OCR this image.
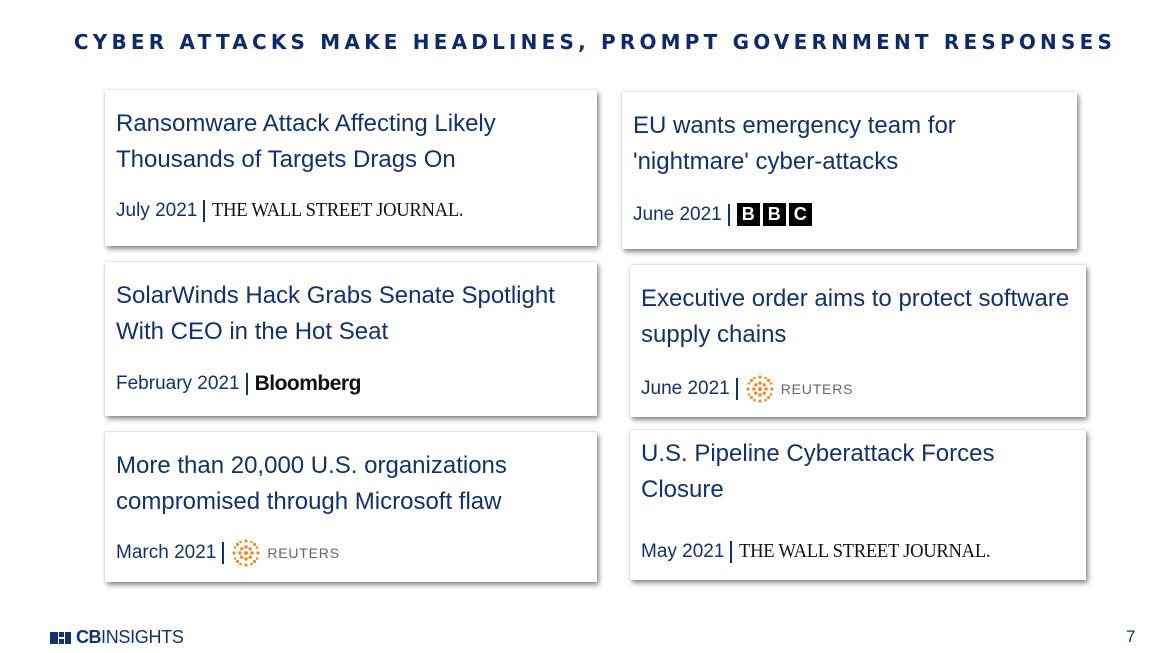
CYBER ATTACKS MAKE HEADLINES, PROMPT GOVERNMENT RESPONSES
Ransomware Attack Affecting Likely
Thousands of Targets Drags On
July 2021 THE WALL STREET JOURNAL.
EU wants emergency team for
'nightmare' cyber-attacks
June 2021 B B C
SolarWinds Hack Grabs Senate Spotlight
With CEO in the Hot Seat
February 2021 Bloomberg
Executive order aims to protect software
supply chains
June 2021	REUTERS
More than 20,000 U.S. organizations
compromised through Microsoft flaw
March 2021	REUTERS
U.S. Pipeline Cyberattack Forces Closure
May 2021 THE WALL STREET JOURNAL.
CBINSIGHTS	7
